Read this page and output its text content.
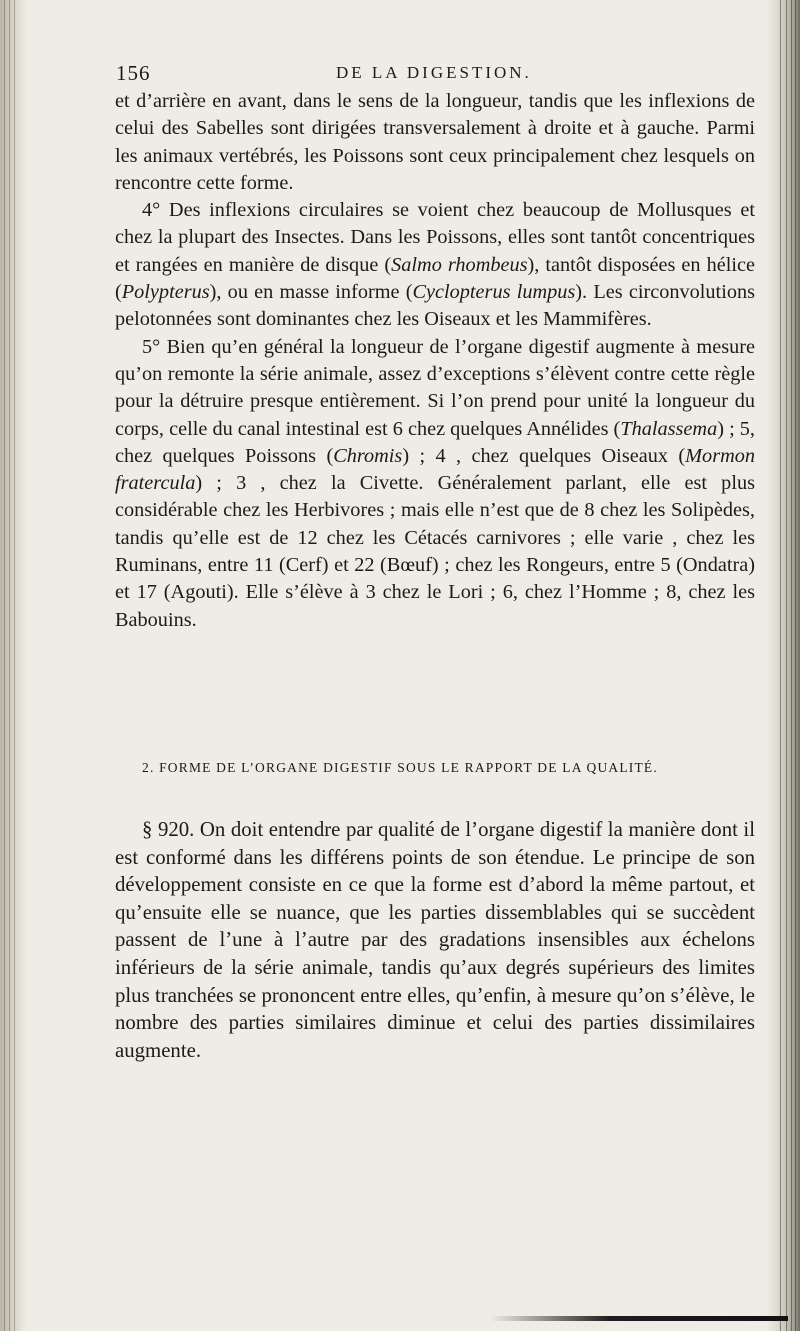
156	DE LA DIGESTION.

et d’arrière en avant, dans le sens de la longueur, tandis que les inflexions de celui des Sabelles sont dirigées transversalement à droite et à gauche. Parmi les animaux vertébrés, les Poissons sont ceux principalement chez lesquels on rencontre cette forme.

4° Des inflexions circulaires se voient chez beaucoup de Mollusques et chez la plupart des Insectes. Dans les Poissons, elles sont tantôt concentriques et rangées en manière de disque (Salmo rhombeus), tantôt disposées en hélice (Polypterus), ou en masse informe (Cyclopterus lumpus). Les circonvolutions pelotonnées sont dominantes chez les Oiseaux et les Mammifères.

5° Bien qu’en général la longueur de l’organe digestif augmente à mesure qu’on remonte la série animale, assez d’exceptions s’élèvent contre cette règle pour la détruire presque entièrement. Si l’on prend pour unité la longueur du corps, celle du canal intestinal est 6 chez quelques Annélides (Thalassema) ; 5, chez quelques Poissons (Chromis) ; 4 , chez quelques Oiseaux (Mormon fratercula) ; 3 , chez la Civette. Généralement parlant, elle est plus considérable chez les Herbivores ; mais elle n’est que de 8 chez les Solipèdes, tandis qu’elle est de 12 chez les Cétacés carnivores ; elle varie , chez les Ruminans, entre 11 (Cerf) et 22 (Bœuf) ; chez les Rongeurs, entre 5 (Ondatra) et 17 (Agouti). Elle s’élève à 3 chez le Lori ; 6, chez l’Homme ; 8, chez les Babouins.

2. FORME DE L’ORGANE DIGESTIF SOUS LE RAPPORT DE LA QUALITÉ.

§ 920. On doit entendre par qualité de l’organe digestif la manière dont il est conformé dans les différens points de son étendue. Le principe de son développement consiste en ce que la forme est d’abord la même partout, et qu’ensuite elle se nuance, que les parties dissemblables qui se succèdent passent de l’une à l’autre par des gradations insensibles aux échelons inférieurs de la série animale, tandis qu’aux degrés supérieurs des limites plus tranchées se prononcent entre elles, qu’enfin, à mesure qu’on s’élève, le nombre des parties similaires diminue et celui des parties dissimilaires augmente.
